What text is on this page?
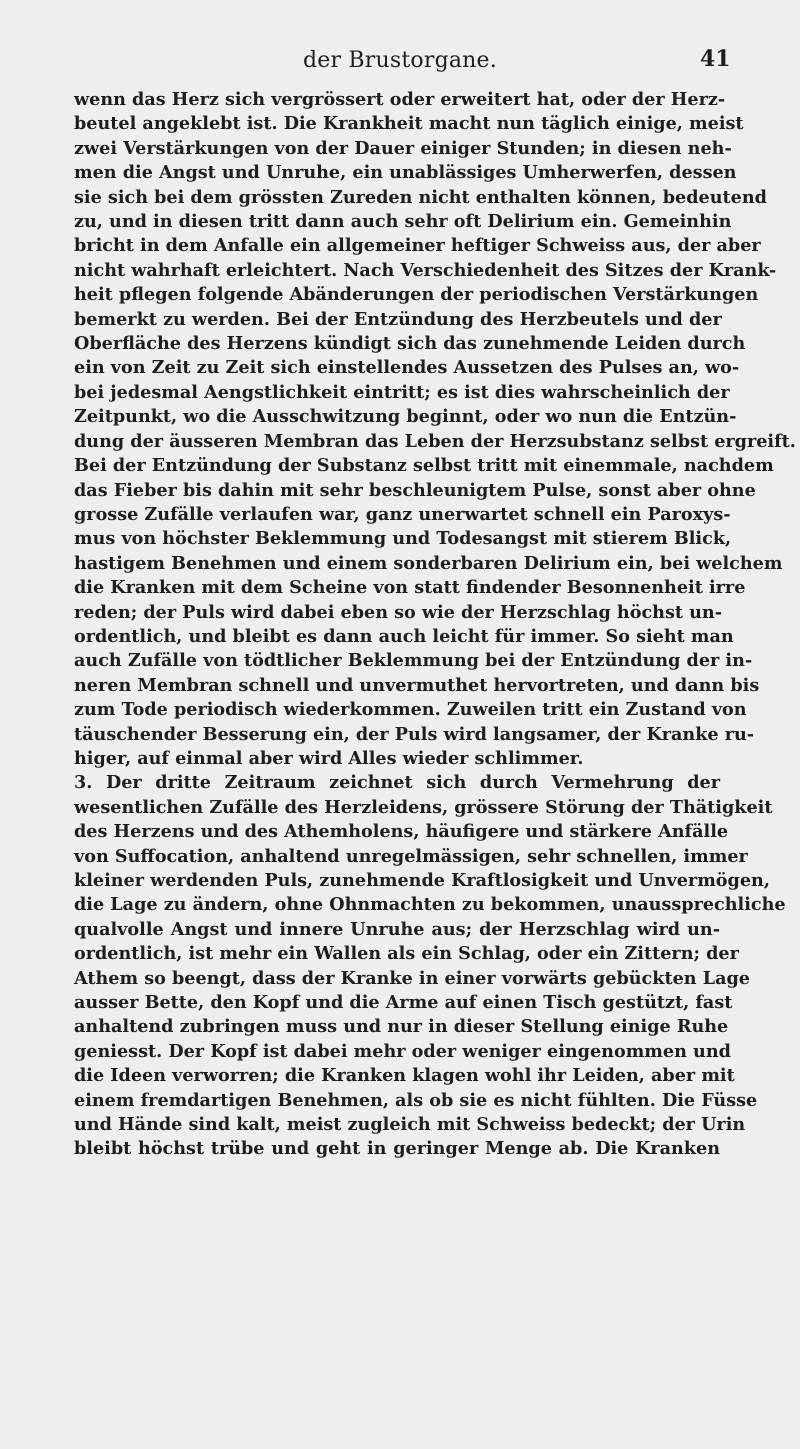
der Brustorgane.	41
wenn das Herz sich vergrössert oder erweitert hat, oder der Herz-
beutel angeklebt ist. Die Krankheit macht nun täglich einige, meist
zwei Verstärkungen von der Dauer einiger Stunden; in diesen neh-
men die Angst und Unruhe, ein unablässiges Umherwerfen, dessen
sie sich bei dem grössten Zureden nicht enthalten können, bedeutend
zu, und in diesen tritt dann auch sehr oft Delirium ein. Gemeinhin
bricht in dem Anfalle ein allgemeiner heftiger Schweiss aus, der aber
nicht wahrhaft erleichtert. Nach Verschiedenheit des Sitzes der Krank-
heit pflegen folgende Abänderungen der periodischen Verstärkungen
bemerkt zu werden. Bei der Entzündung des Herzbeutels und der
Oberfläche des Herzens kündigt sich das zunehmende Leiden durch
ein von Zeit zu Zeit sich einstellendes Aussetzen des Pulses an, wo-
bei jedesmal Aengstlichkeit eintritt; es ist dies wahrscheinlich der
Zeitpunkt, wo die Ausschwitzung beginnt, oder wo nun die Entzün-
dung der äusseren Membran das Leben der Herzsubstanz selbst ergreift.
Bei der Entzündung der Substanz selbst tritt mit einemmale, nachdem
das Fieber bis dahin mit sehr beschleunigtem Pulse, sonst aber ohne
grosse Zufälle verlaufen war, ganz unerwartet schnell ein Paroxys-
mus von höchster Beklemmung und Todesangst mit stierem Blick,
hastigem Benehmen und einem sonderbaren Delirium ein, bei welchem
die Kranken mit dem Scheine von statt findender Besonnenheit irre
reden; der Puls wird dabei eben so wie der Herzschlag höchst un-
ordentlich, und bleibt es dann auch leicht für immer. So sieht man
auch Zufälle von tödtlicher Beklemmung bei der Entzündung der in-
neren Membran schnell und unvermuthet hervortreten, und dann bis
zum Tode periodisch wiederkommen. Zuweilen tritt ein Zustand von
täuschender Besserung ein, der Puls wird langsamer, der Kranke ru-
higer, auf einmal aber wird Alles wieder schlimmer.
3. Der dritte Zeitraum zeichnet sich durch Vermehrung der
wesentlichen Zufälle des Herzleidens, grössere Störung der Thätigkeit
des Herzens und des Athemholens, häufigere und stärkere Anfälle
von Suffocation, anhaltend unregelmässigen, sehr schnellen, immer
kleiner werdenden Puls, zunehmende Kraftlosigkeit und Unvermögen,
die Lage zu ändern, ohne Ohnmachten zu bekommen, unaussprechliche
qualvolle Angst und innere Unruhe aus; der Herzschlag wird un-
ordentlich, ist mehr ein Wallen als ein Schlag, oder ein Zittern; der
Athem so beengt, dass der Kranke in einer vorwärts gebückten Lage
ausser Bette, den Kopf und die Arme auf einen Tisch gestützt, fast
anhaltend zubringen muss und nur in dieser Stellung einige Ruhe
geniesst. Der Kopf ist dabei mehr oder weniger eingenommen und
die Ideen verworren; die Kranken klagen wohl ihr Leiden, aber mit
einem fremdartigen Benehmen, als ob sie es nicht fühlten. Die Füsse
und Hände sind kalt, meist zugleich mit Schweiss bedeckt; der Urin
bleibt höchst trübe und geht in geringer Menge ab. Die Kranken
